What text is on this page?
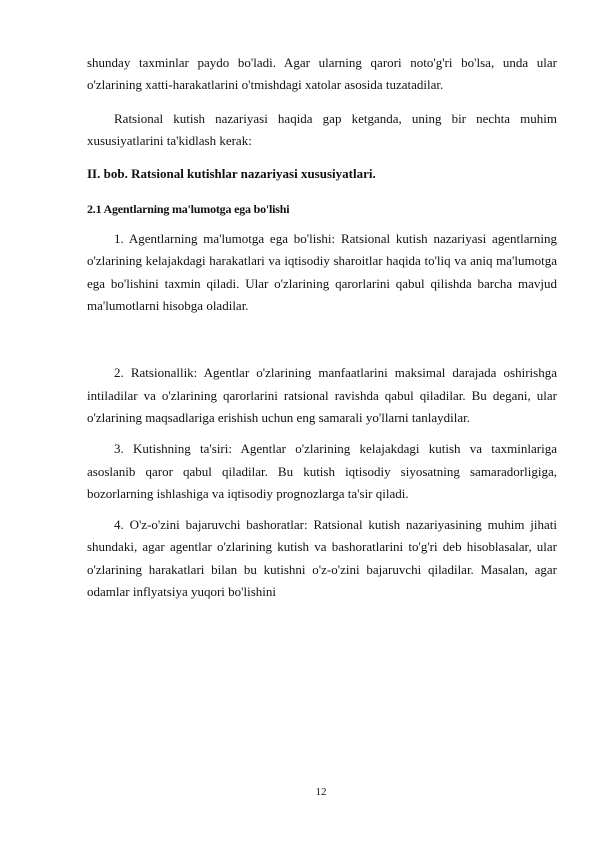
shunday taxminlar paydo bo'ladi. Agar ularning qarori noto'g'ri bo'lsa, unda ular o'zlarining xatti-harakatlarini o'tmishdagi xatolar asosida tuzatadilar.

Ratsional kutish nazariyasi haqida gap ketganda, uning bir nechta muhim xususiyatlarini ta'kidlash kerak:

II. bob. Ratsional kutishlar nazariyasi xususiyatlari.

2.1 Agentlarning ma'lumotga ega bo'lishi

1. Agentlarning ma'lumotga ega bo'lishi: Ratsional kutish nazariyasi agentlarning o'zlarining kelajakdagi harakatlari va iqtisodiy sharoitlar haqida to'liq va aniq ma'lumotga ega bo'lishini taxmin qiladi. Ular o'zlarining qarorlarini qabul qilishda barcha mavjud ma'lumotlarni hisobga oladilar.

2. Ratsionallik: Agentlar o'zlarining manfaatlarini maksimal darajada oshirishga intiladilar va o'zlarining qarorlarini ratsional ravishda qabul qiladilar. Bu degani, ular o'zlarining maqsadlariga erishish uchun eng samarali yo'llarni tanlaydilar.

3. Kutishning ta'siri: Agentlar o'zlarining kelajakdagi kutish va taxminlariga asoslanib qaror qabul qiladilar. Bu kutish iqtisodiy siyosatning samaradorligiga, bozorlarning ishlashiga va iqtisodiy prognozlarga ta'sir qiladi.

4. O'z-o'zini bajaruvchi bashoratlar: Ratsional kutish nazariyasining muhim jihati shundaki, agar agentlar o'zlarining kutish va bashoratlarini to'g'ri deb hisoblasalar, ular o'zlarining harakatlari bilan bu kutishni o'z-o'zini bajaruvchi qiladilar. Masalan, agar odamlar inflyatsiya yuqori bo'lishini

12
